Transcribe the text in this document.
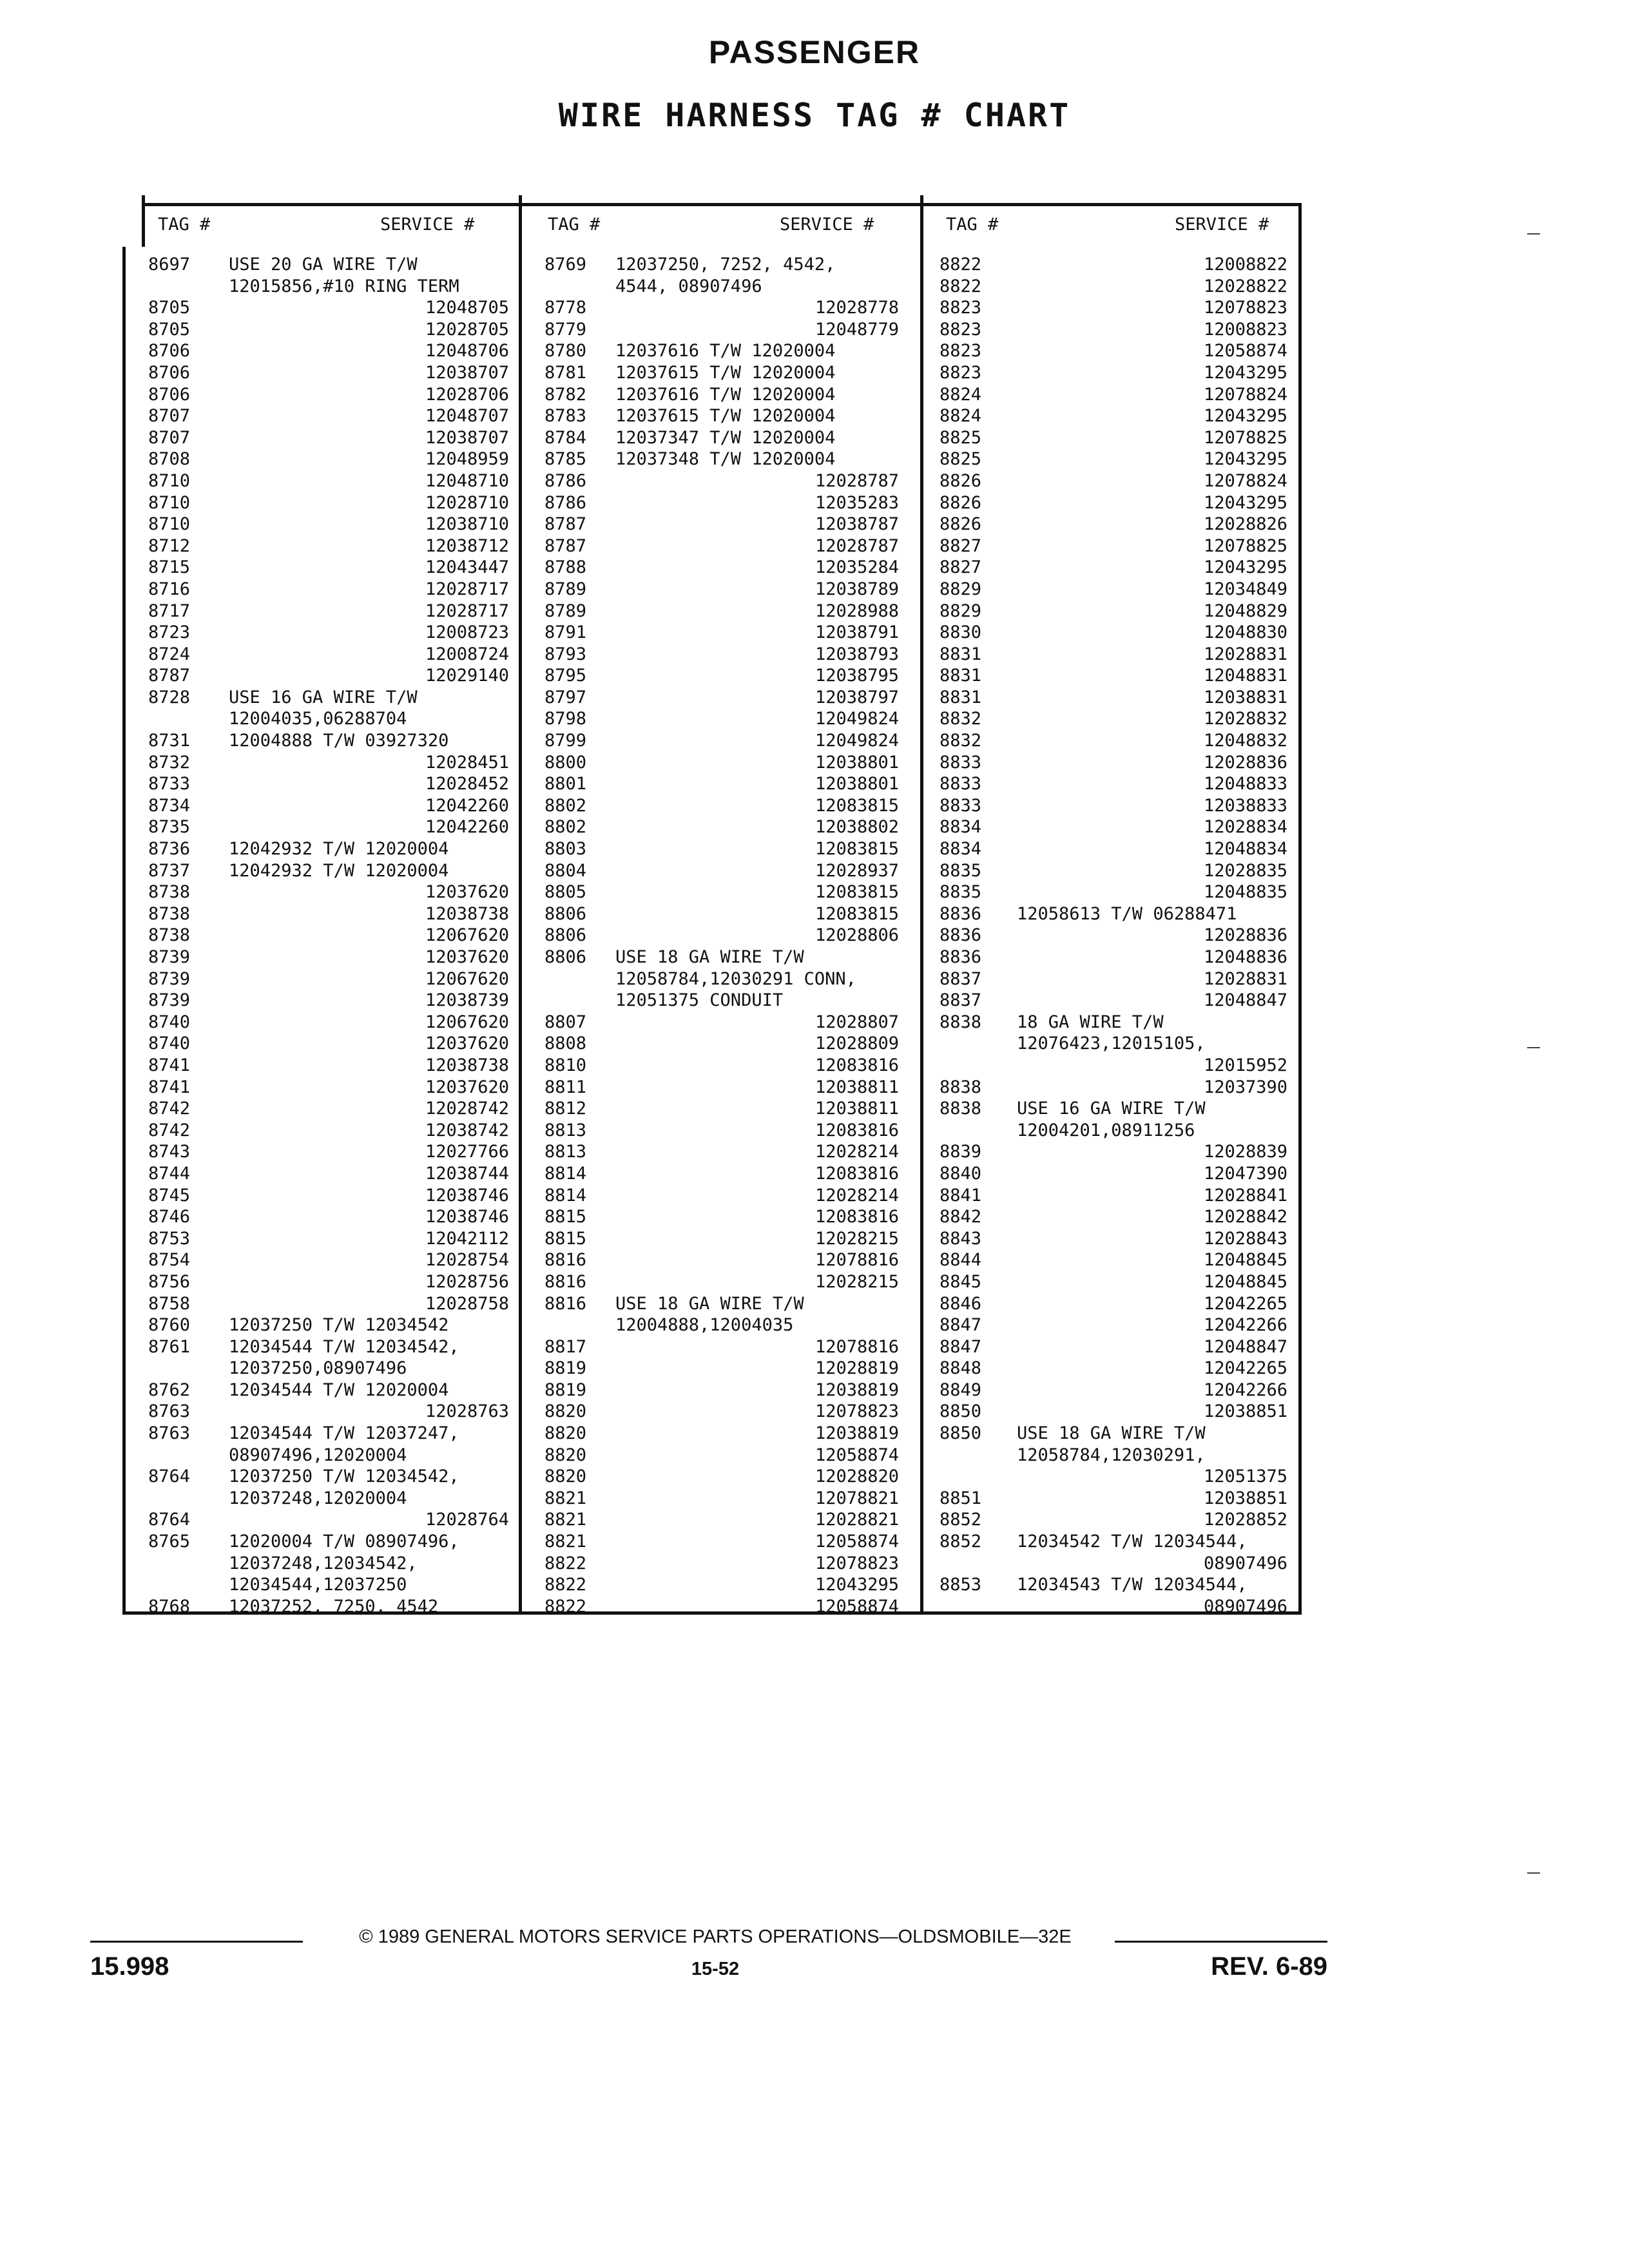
PASSENGER
WIRE HARNESS TAG # CHART
TAG #	SERVICE #
8697 USE 20 GA WIRE T/W
12015856,#10 RING TERM
8705	12048705
8705	12028705
8706	12048706
8706	12038707
8706	12028706
8707	12048707
8707	12038707
8708	12048959
8710	12048710
8710	12028710
8710	12038710
8712	12038712
8715	12043447
8716	12028717
8717	12028717
8723	12008723
8724	12008724
8787	12029140
8728 USE 16 GA WIRE T/W
12004035,06288704
8731 12004888 T/W 03927320
8732	12028451
8733	12028452
8734	12042260
8735	12042260
8736 12042932 T/W 12020004
8737 12042932 T/W 12020004
8738	12037620
8738	12038738
8738	12067620
8739	12037620
8739	12067620
8739	12038739
8740	12067620
8740	12037620
8741	12038738
8741	12037620
8742	12028742
8742	12038742
8743	12027766
8744	12038744
8745	12038746
8746	12038746
8753	12042112
8754	12028754
8756	12028756
8758	12028758
8760 12037250 T/W 12034542
8761 12034544 T/W 12034542,
12037250,08907496
8762 12034544 T/W 12020004
8763	12028763
8763 12034544 T/W 12037247,
08907496,12020004
8764 12037250 T/W 12034542,
12037248,12020004
8764	12028764
8765 12020004 T/W 08907496,
12037248,12034542,
12034544,12037250
8768 12037252, 7250, 4542
TAG #	SERVICE #
8769 12037250, 7252, 4542,
4544, 08907496
8778	12028778
8779	12048779
8780 12037616 T/W 12020004
8781 12037615 T/W 12020004
8782 12037616 T/W 12020004
8783 12037615 T/W 12020004
8784 12037347 T/W 12020004
8785 12037348 T/W 12020004
8786	12028787
8786	12035283
8787	12038787
8787	12028787
8788	12035284
8789	12038789
8789	12028988
8791	12038791
8793	12038793
8795	12038795
8797	12038797
8798	12049824
8799	12049824
8800	12038801
8801	12038801
8802	12083815
8802	12038802
8803	12083815
8804	12028937
8805	12083815
8806	12083815
8806	12028806
8806 USE 18 GA WIRE T/W
12058784,12030291 CONN,
12051375 CONDUIT
8807	12028807
8808	12028809
8810	12083816
8811	12038811
8812	12038811
8813	12083816
8813	12028214
8814	12083816
8814	12028214
8815	12083816
8815	12028215
8816	12078816
8816	12028215
8816 USE 18 GA WIRE T/W
12004888,12004035
8817	12078816
8819	12028819
8819	12038819
8820	12078823
8820	12038819
8820	12058874
8820	12028820
8821	12078821
8821	12028821
8821	12058874
8822	12078823
8822	12043295
8822	12058874
TAG #	SERVICE #
8822	12008822
8822	12028822
8823	12078823
8823	12008823
8823	12058874
8823	12043295
8824	12078824
8824	12043295
8825	12078825
8825	12043295
8826	12078824
8826	12043295
8826	12028826
8827	12078825
8827	12043295
8829	12034849
8829	12048829
8830	12048830
8831	12028831
8831	12048831
8831	12038831
8832	12028832
8832	12048832
8833	12028836
8833	12048833
8833	12038833
8834	12028834
8834	12048834
8835	12028835
8835	12048835
8836 12058613 T/W 06288471
8836	12028836
8836	12048836
8837	12028831
8837	12048847
8838 18 GA WIRE T/W
12076423,12015105,
12015952
8838	12037390
8838 USE 16 GA WIRE T/W
12004201,08911256
8839	12028839
8840	12047390
8841	12028841
8842	12028842
8843	12028843
8844	12048845
8845	12048845
8846	12042265
8847	12042266
8847	12048847
8848	12042265
8849	12042266
8850	12038851
8850 USE 18 GA WIRE T/W
12058784,12030291,
12051375
8851	12038851
8852	12028852
8852 12034542 T/W 12034544,
08907496
8853 12034543 T/W 12034544,
08907496
15.998
© 1989 GENERAL MOTORS SERVICE PARTS OPERATIONS—OLDSMOBILE—32E
15-52	REV. 6-89
